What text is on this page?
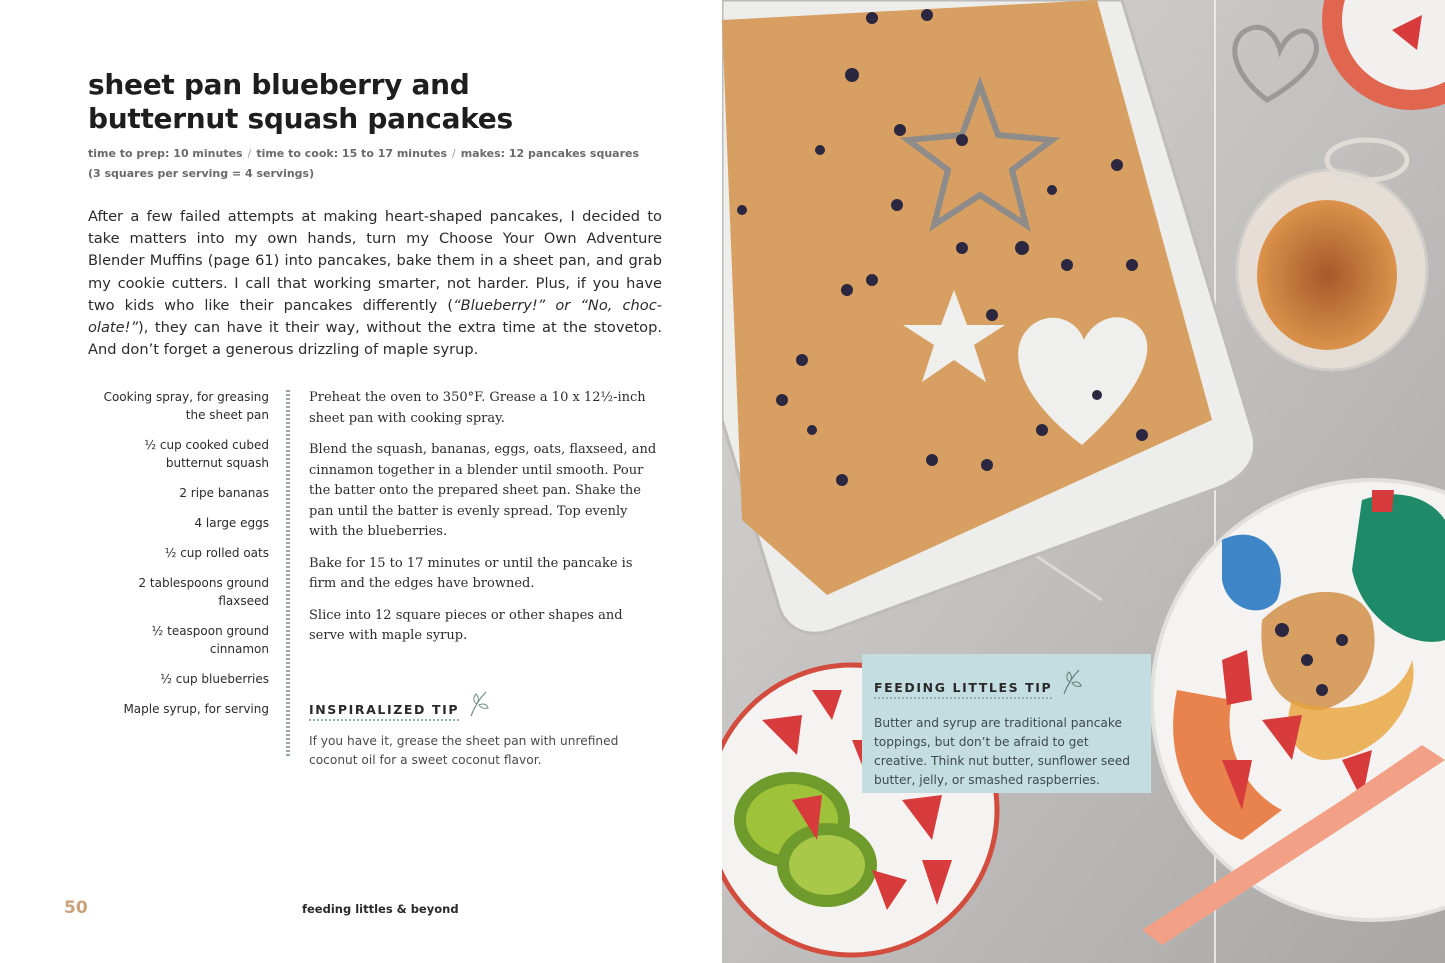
sheet pan blueberry and
butternut squash pancakes
time to prep: 10 minutes / time to cook: 15 to 17 minutes / makes: 12 pancakes squares
(3 squares per serving = 4 servings)

After a few failed attempts at making heart-shaped pancakes, I decided to take matters into my own hands, turn my Choose Your Own Adventure Blender Muffins (page 61) into pancakes, bake them in a sheet pan, and grab my cookie cutters. I call that working smarter, not harder. Plus, if you have two kids who like their pancakes differently (“Blueberry!” or “No, choc-olate!”), they can have it their way, without the extra time at the stovetop. And don’t forget a generous drizzling of maple syrup.

Cooking spray, for greasing the sheet pan
½ cup cooked cubed butternut squash
2 ripe bananas
4 large eggs
½ cup rolled oats
2 tablespoons ground flaxseed
½ teaspoon ground cinnamon
½ cup blueberries
Maple syrup, for serving
Preheat the oven to 350°F. Grease a 10 x 12½-inch sheet pan with cooking spray.
Blend the squash, bananas, eggs, oats, flaxseed, and cinnamon together in a blender until smooth. Pour the batter onto the prepared sheet pan. Shake the pan until the batter is evenly spread. Top evenly with the blueberries.
Bake for 15 to 17 minutes or until the pancake is firm and the edges have browned.
Slice into 12 square pieces or other shapes and serve with maple syrup.
INSPIRALIZED TIP
If you have it, grease the sheet pan with unrefined coconut oil for a sweet coconut flavor.
50	feeding littles & beyond
FEEDING LITTLES TIP
Butter and syrup are traditional pancake toppings, but don’t be afraid to get creative. Think nut butter, sunflower seed butter, jelly, or smashed raspberries.
